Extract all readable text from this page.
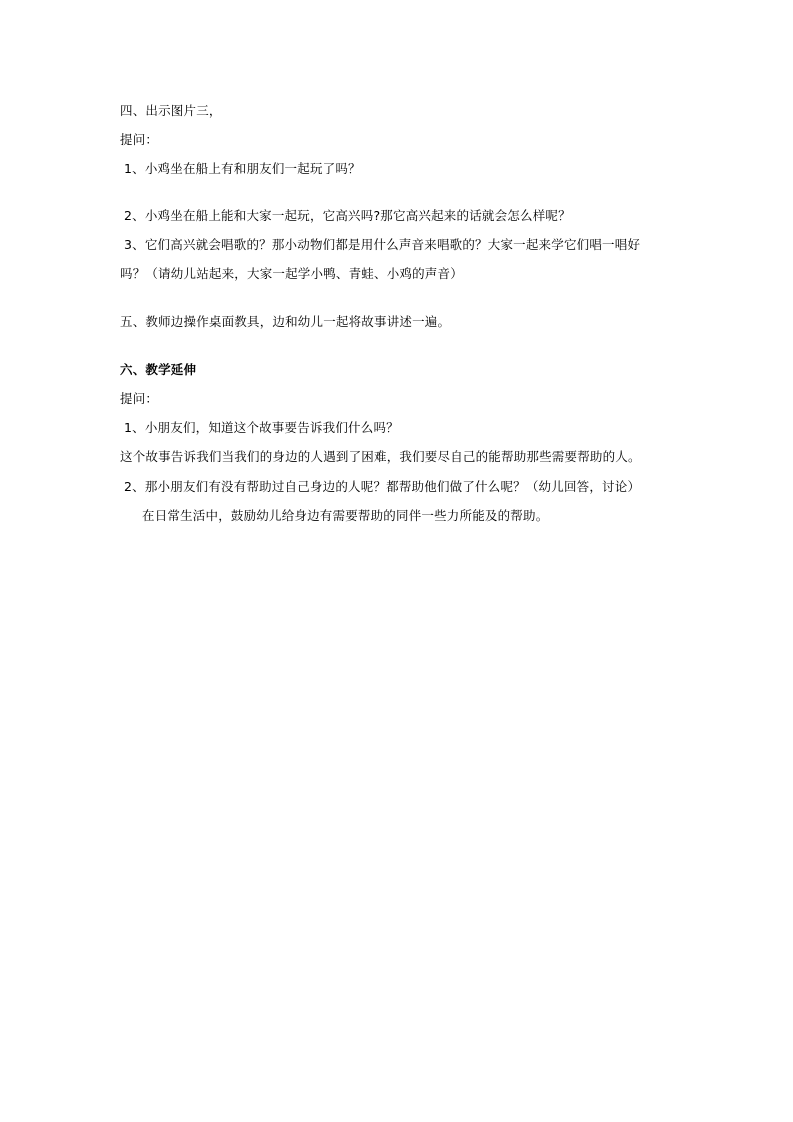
四、出示图片三，
提问：
1、小鸡坐在船上有和朋友们一起玩了吗？
2、小鸡坐在船上能和大家一起玩，它高兴吗?那它高兴起来的话就会怎么样呢？
3、它们高兴就会唱歌的？那小动物们都是用什么声音来唱歌的？大家一起来学它们唱一唱好
吗？（请幼儿站起来，大家一起学小鸭、青蛙、小鸡的声音）
五、教师边操作桌面教具，边和幼儿一起将故事讲述一遍。
六、教学延伸
提问：
1、小朋友们，知道这个故事要告诉我们什么吗？
这个故事告诉我们当我们的身边的人遇到了困难，我们要尽自己的能帮助那些需要帮助的人。
2、那小朋友们有没有帮助过自己身边的人呢？都帮助他们做了什么呢？（幼儿回答，讨论）
在日常生活中，鼓励幼儿给身边有需要帮助的同伴一些力所能及的帮助。
